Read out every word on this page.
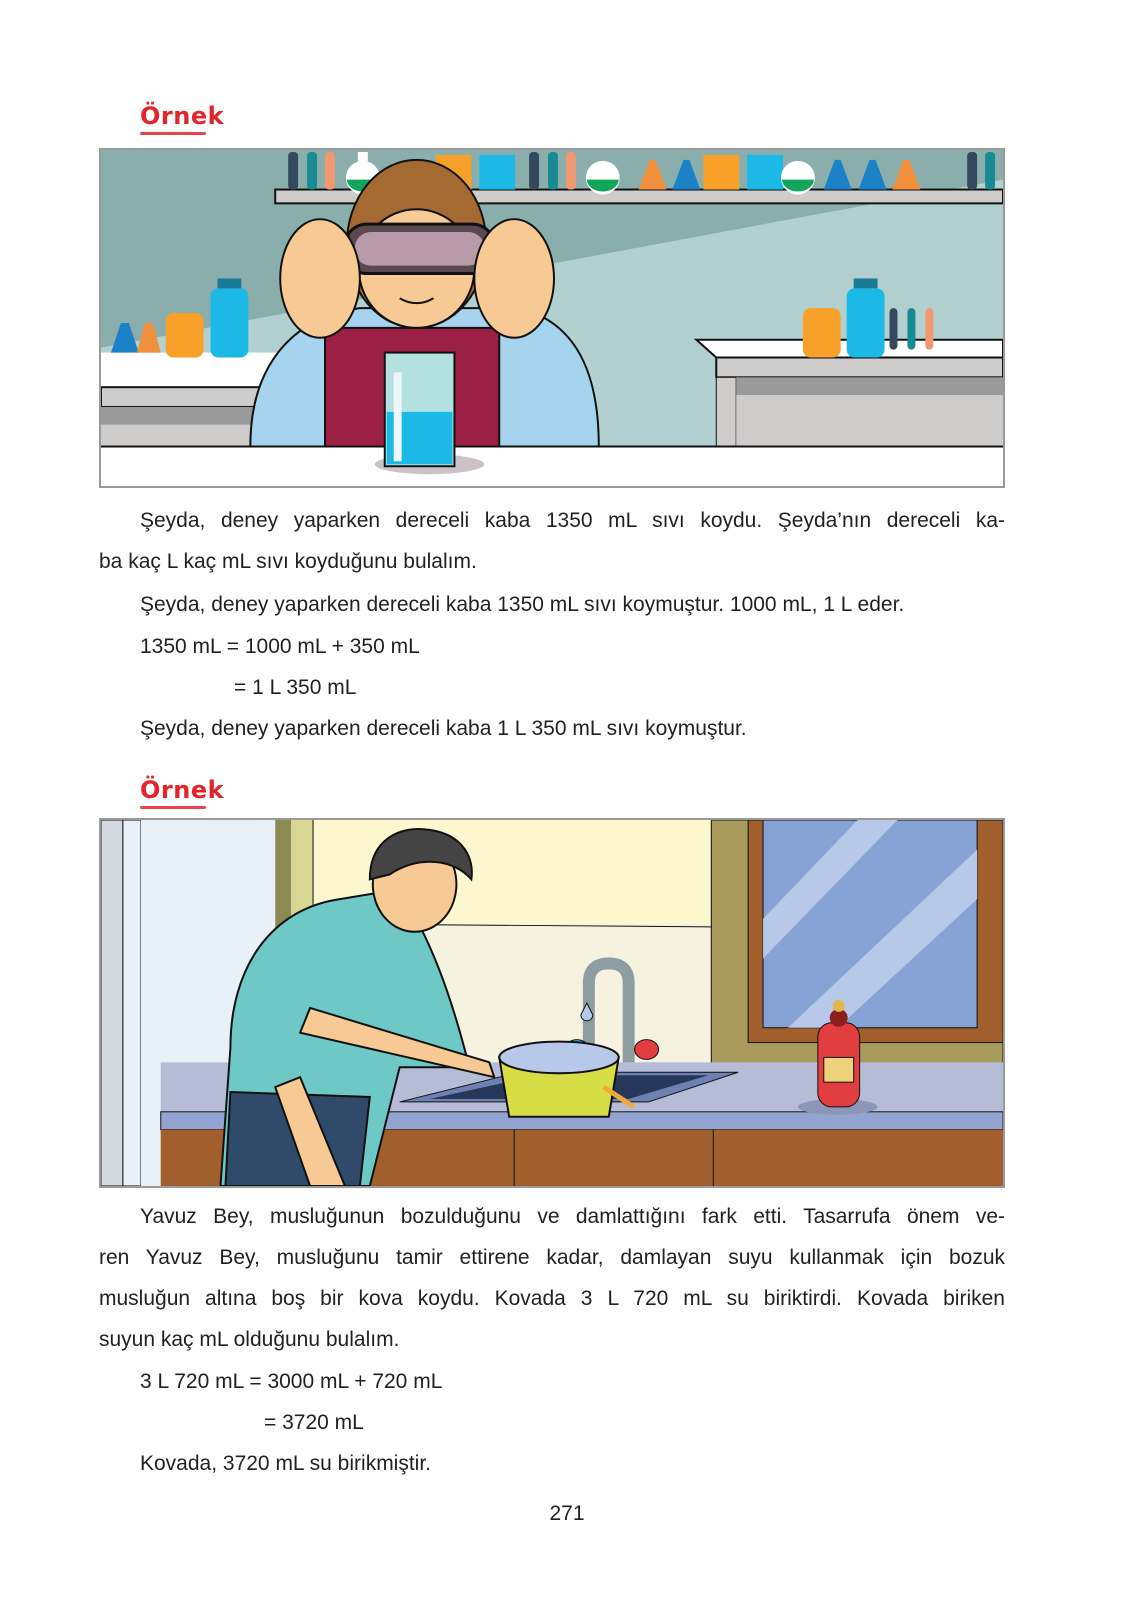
Örnek
Şeyda, deney yaparken dereceli kaba 1350 mL sıvı koydu. Şeyda’nın dereceli ka-
ba kaç L kaç mL sıvı koyduğunu bulalım.
Şeyda, deney yaparken dereceli kaba 1350 mL sıvı koymuştur. 1000 mL, 1 L eder.
1350 mL = 1000 mL + 350 mL
= 1 L 350 mL
Şeyda, deney yaparken dereceli kaba 1 L 350 mL sıvı koymuştur.
Örnek
Yavuz Bey, musluğunun bozulduğunu ve damlattığını fark etti. Tasarrufa önem ve-
ren Yavuz Bey, musluğunu tamir ettirene kadar, damlayan suyu kullanmak için bozuk
musluğun altına boş bir kova koydu. Kovada 3 L 720 mL su biriktirdi. Kovada biriken
suyun kaç mL olduğunu bulalım.
3 L 720 mL = 3000 mL + 720 mL
= 3720 mL
Kovada, 3720 mL su birikmiştir.
271
